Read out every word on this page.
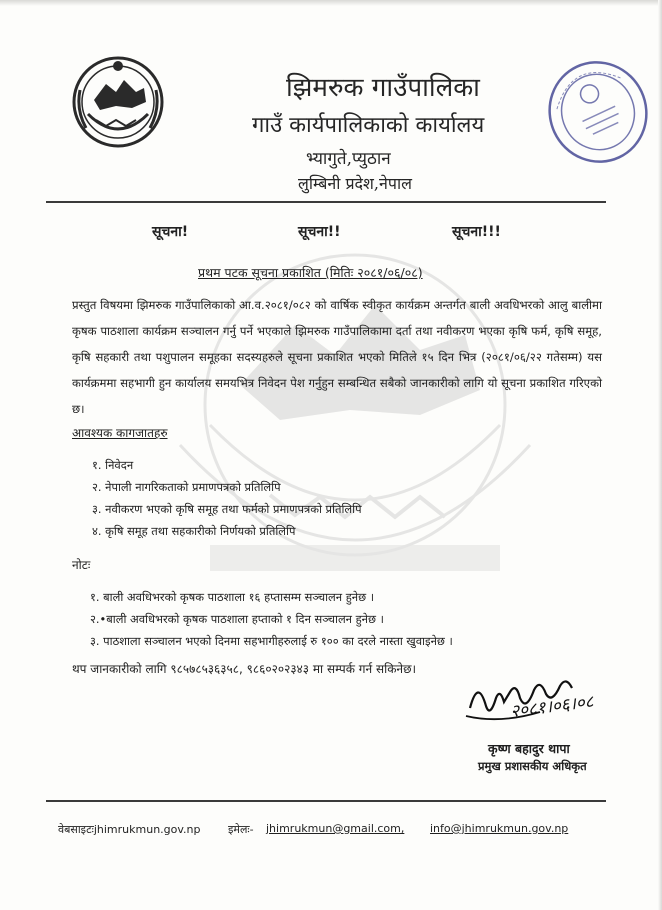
झिमरुक गाउँपालिका
गाउँ कार्यपालिकाको कार्यालय
भ्यागुते,प्युठान
लुम्बिनी प्रदेश,नेपाल
सूचना!	सूचना!!	सूचना!!!
प्रथम पटक सूचना प्रकाशित (मितिः २०८१/०६/०८)
प्रस्तुत विषयमा झिमरुक गाउँपालिकाको आ.व.२०८१/०८२ को वार्षिक स्वीकृत कार्यक्रम अन्तर्गत बाली अवधिभरको आलु बालीमा कृषक पाठशाला कार्यक्रम सञ्चालन गर्नु पर्ने भएकाले झिमरुक गाउँपालिकामा दर्ता तथा नवीकरण भएका कृषि फर्म, कृषि समूह, कृषि सहकारी तथा पशुपालन समूहका सदस्यहरुले सूचना प्रकाशित भएको मितिले १५ दिन भित्र (२०८१/०६/२२ गतेसम्म) यस कार्यक्रममा सहभागी हुन कार्यालय समयभित्र निवेदन पेश गर्नुहुन सम्बन्धित सबैको जानकारीको लागि यो सूचना प्रकाशित गरिएको छ।
आवश्यक कागजातहरु
१. निवेदन
२. नेपाली नागरिकताको प्रमाणपत्रको प्रतिलिपि
३. नवीकरण भएको कृषि समूह तथा फर्मको प्रमाणपत्रको प्रतिलिपि
४. कृषि समूह तथा सहकारीको निर्णयको प्रतिलिपि
नोटः
१. बाली अवधिभरको कृषक पाठशाला १६ हप्तासम्म सञ्चालन हुनेछ ।
२.•बाली अवधिभरको कृषक पाठशाला हप्ताको १ दिन सञ्चालन हुनेछ ।
३. पाठशाला सञ्चालन भएको दिनमा सहभागीहरुलाई रु १०० का दरले नास्ता खुवाइनेछ ।
थप जानकारीको लागि ९८५७८५३६३५८, ९८६०२०२३४३ मा सम्पर्क गर्न सकिनेछ।
२०८१।०६।०८
कृष्ण बहादुर थापा
प्रमुख प्रशासकीय अधिकृत
वेबसाइटःjhimrukmun.gov.np	इमेलः- jhimrukmun@gmail.com, info@jhimrukmun.gov.np
